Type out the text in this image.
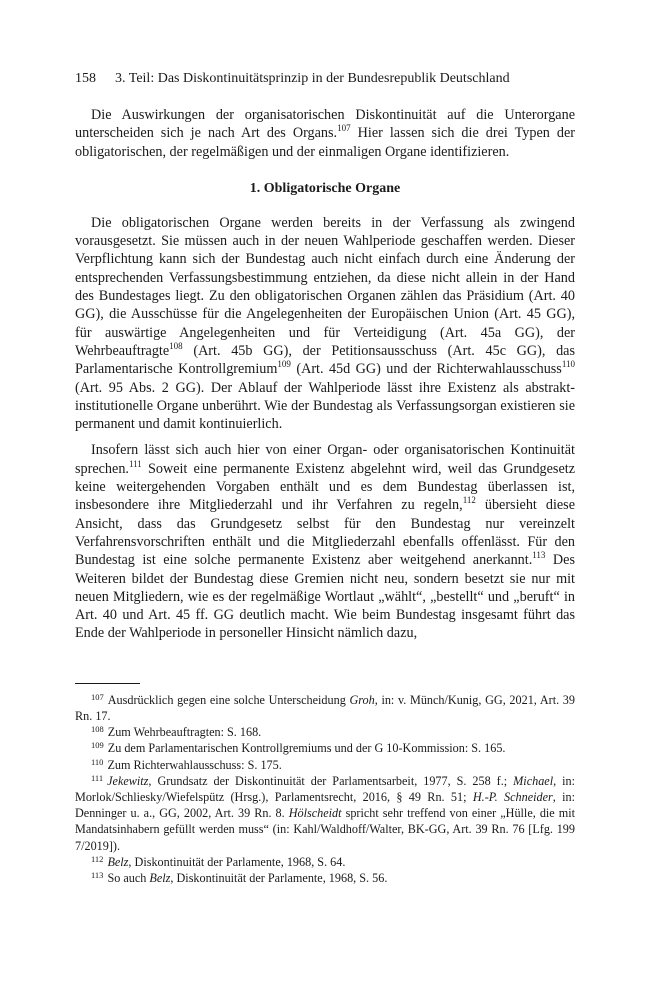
158	3. Teil: Das Diskontinuitätsprinzip in der Bundesrepublik Deutschland

Die Auswirkungen der organisatorischen Diskontinuität auf die Unterorgane unterscheiden sich je nach Art des Organs.$^{107}$ Hier lassen sich die drei Typen der obligatorischen, der regelmäßigen und der einmaligen Organe identifizieren.

1. Obligatorische Organe

Die obligatorischen Organe werden bereits in der Verfassung als zwingend vorausgesetzt. Sie müssen auch in der neuen Wahlperiode geschaffen werden. Dieser Verpflichtung kann sich der Bundestag auch nicht einfach durch eine Änderung der entsprechenden Verfassungsbestimmung entziehen, da diese nicht allein in der Hand des Bundestages liegt. Zu den obligatorischen Organen zählen das Präsidium (Art. 40 GG), die Ausschüsse für die Angelegenheiten der Europäischen Union (Art. 45 GG), für auswärtige Angelegenheiten und für Verteidigung (Art. 45a GG), der Wehrbeauftragte$^{108}$ (Art. 45b GG), der Petitionsausschuss (Art. 45c GG), das Parlamentarische Kontrollgremium$^{109}$ (Art. 45d GG) und der Richterwahlausschuss$^{110}$ (Art. 95 Abs. 2 GG). Der Ablauf der Wahlperiode lässt ihre Existenz als abstrakt-institutionelle Organe unberührt. Wie der Bundestag als Verfassungsorgan existieren sie permanent und damit kontinuierlich.

Insofern lässt sich auch hier von einer Organ- oder organisatorischen Kontinuität sprechen.$^{111}$ Soweit eine permanente Existenz abgelehnt wird, weil das Grundgesetz keine weitergehenden Vorgaben enthält und es dem Bundestag überlassen ist, insbesondere ihre Mitgliederzahl und ihr Verfahren zu regeln,$^{112}$ übersieht diese Ansicht, dass das Grundgesetz selbst für den Bundestag nur vereinzelt Verfahrensvorschriften enthält und die Mitgliederzahl ebenfalls offenlässt. Für den Bundestag ist eine solche permanente Existenz aber weitgehend anerkannt.$^{113}$ Des Weiteren bildet der Bundestag diese Gremien nicht neu, sondern besetzt sie nur mit neuen Mitgliedern, wie es der regelmäßige Wortlaut „wählt“, „bestellt“ und „beruft“ in Art. 40 und Art. 45 ff. GG deutlich macht. Wie beim Bundestag insgesamt führt das Ende der Wahlperiode in personeller Hinsicht nämlich dazu,

$^{107}$ Ausdrücklich gegen eine solche Unterscheidung Groh, in: v. Münch/Kunig, GG, 2021, Art. 39 Rn. 17.

$^{108}$ Zum Wehrbeauftragten: S. 168.

$^{109}$ Zu dem Parlamentarischen Kontrollgremiums und der G 10-Kommission: S. 165.

$^{110}$ Zum Richterwahlausschuss: S. 175.

$^{111}$ Jekewitz, Grundsatz der Diskontinuität der Parlamentsarbeit, 1977, S. 258 f.; Michael, in: Morlok/Schliesky/Wiefelspütz (Hrsg.), Parlamentsrecht, 2016, § 49 Rn. 51; H.-P. Schneider, in: Denninger u. a., GG, 2002, Art. 39 Rn. 8. Hölscheidt spricht sehr treffend von einer „Hülle, die mit Mandatsinhabern gefüllt werden muss“ (in: Kahl/Waldhoff/Walter, BK-GG, Art. 39 Rn. 76 [Lfg. 199 7/2019]).

$^{112}$ Belz, Diskontinuität der Parlamente, 1968, S. 64.

$^{113}$ So auch Belz, Diskontinuität der Parlamente, 1968, S. 56.
